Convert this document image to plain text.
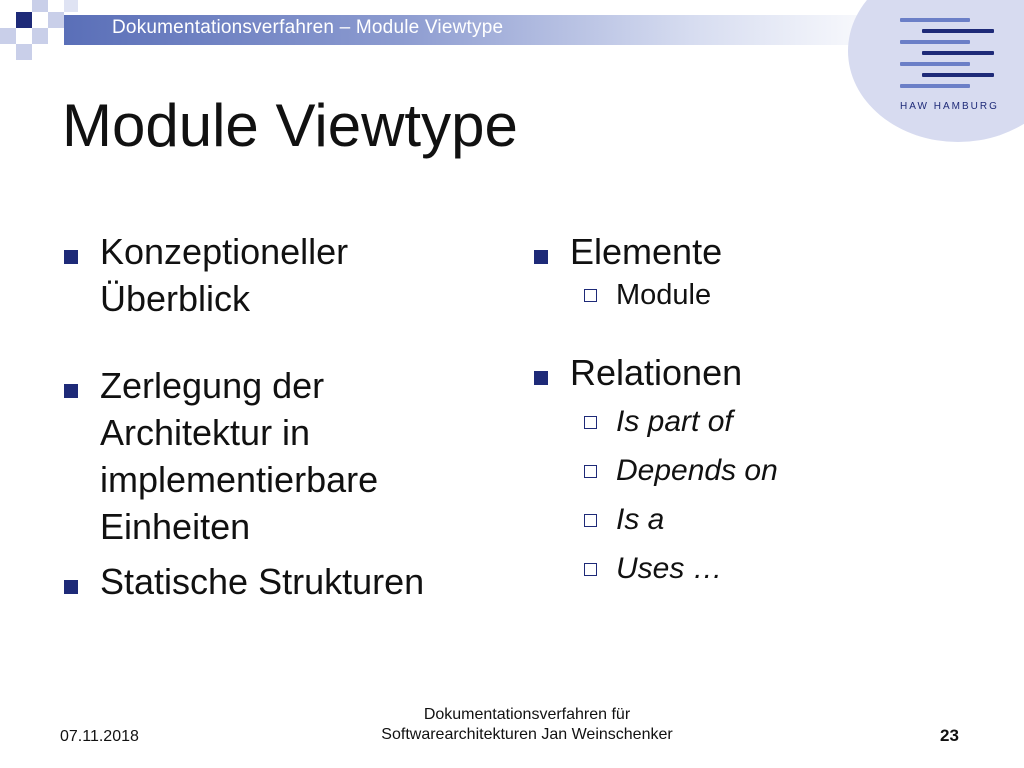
Dokumentationsverfahren – Module Viewtype
HAW HAMBURG
Module Viewtype
Konzeptioneller Überblick
Zerlegung der Architektur in implementierbare Einheiten
Statische Strukturen
Elemente
Module
Relationen
Is part of
Depends on
Is a
Uses …
07.11.2018
Dokumentationsverfahren für
Softwarearchitekturen Jan Weinschenker	23
